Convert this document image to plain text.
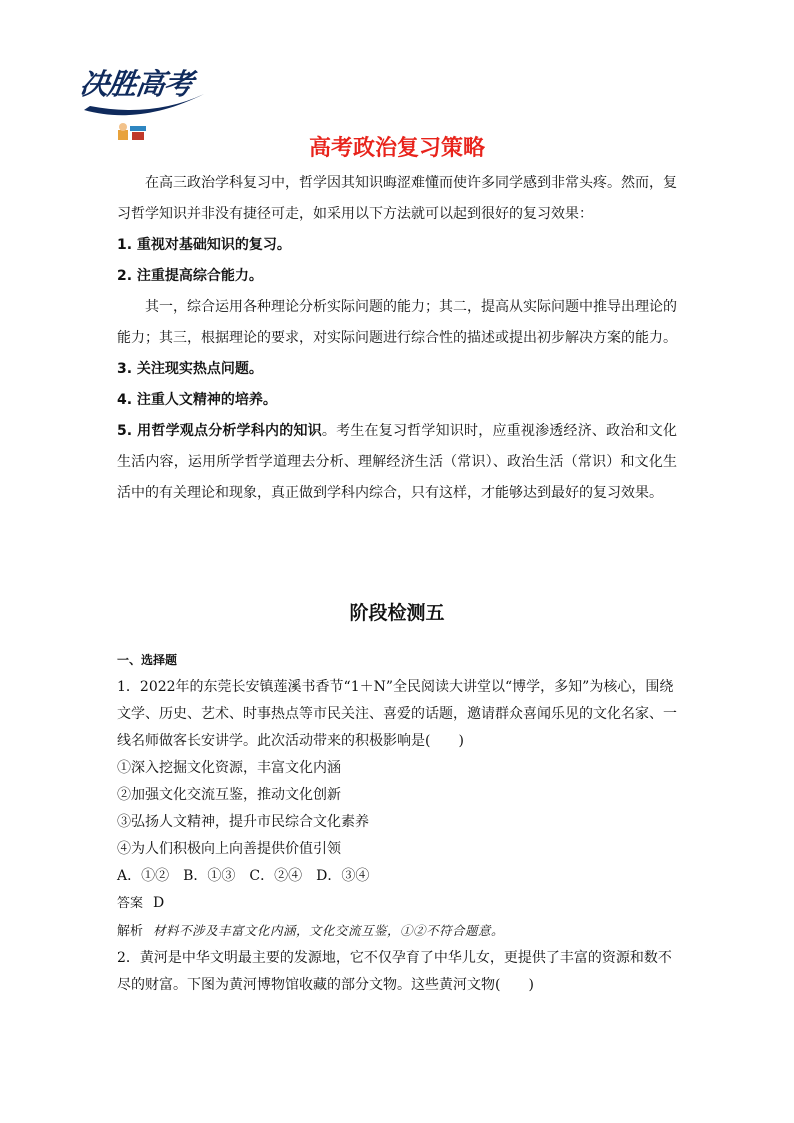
决胜高考
高考政治复习策略

在高三政治学科复习中，哲学因其知识晦涩难懂而使许多同学感到非常头疼。然而，复习哲学知识并非没有捷径可走，如采用以下方法就可以起到很好的复习效果：

1. 重视对基础知识的复习。

2. 注重提高综合能力。

其一，综合运用各种理论分析实际问题的能力；其二，提高从实际问题中推导出理论的能力；其三，根据理论的要求，对实际问题进行综合性的描述或提出初步解决方案的能力。

3. 关注现实热点问题。

4. 注重人文精神的培养。

5. 用哲学观点分析学科内的知识。考生在复习哲学知识时，应重视渗透经济、政治和文化生活内容，运用所学哲学道理去分析、理解经济生活（常识）、政治生活（常识）和文化生活中的有关理论和现象，真正做到学科内综合，只有这样，才能够达到最好的复习效果。

阶段检测五

一、选择题

1．2022年的东莞长安镇莲溪书香节“1＋N”全民阅读大讲堂以“博学，多知”为核心，围绕文学、历史、艺术、时事热点等市民关注、喜爱的话题，邀请群众喜闻乐见的文化名家、一线名师做客长安讲学。此次活动带来的积极影响是(　　)

①深入挖掘文化资源，丰富文化内涵

②加强文化交流互鉴，推动文化创新

③弘扬人文精神，提升市民综合文化素养

④为人们积极向上向善提供价值引领

A．①②　B．①③　C．②④　D．③④

答案 D

解析 材料不涉及丰富文化内涵，文化交流互鉴，①②不符合题意。

2．黄河是中华文明最主要的发源地，它不仅孕育了中华儿女，更提供了丰富的资源和数不尽的财富。下图为黄河博物馆收藏的部分文物。这些黄河文物(　　)
